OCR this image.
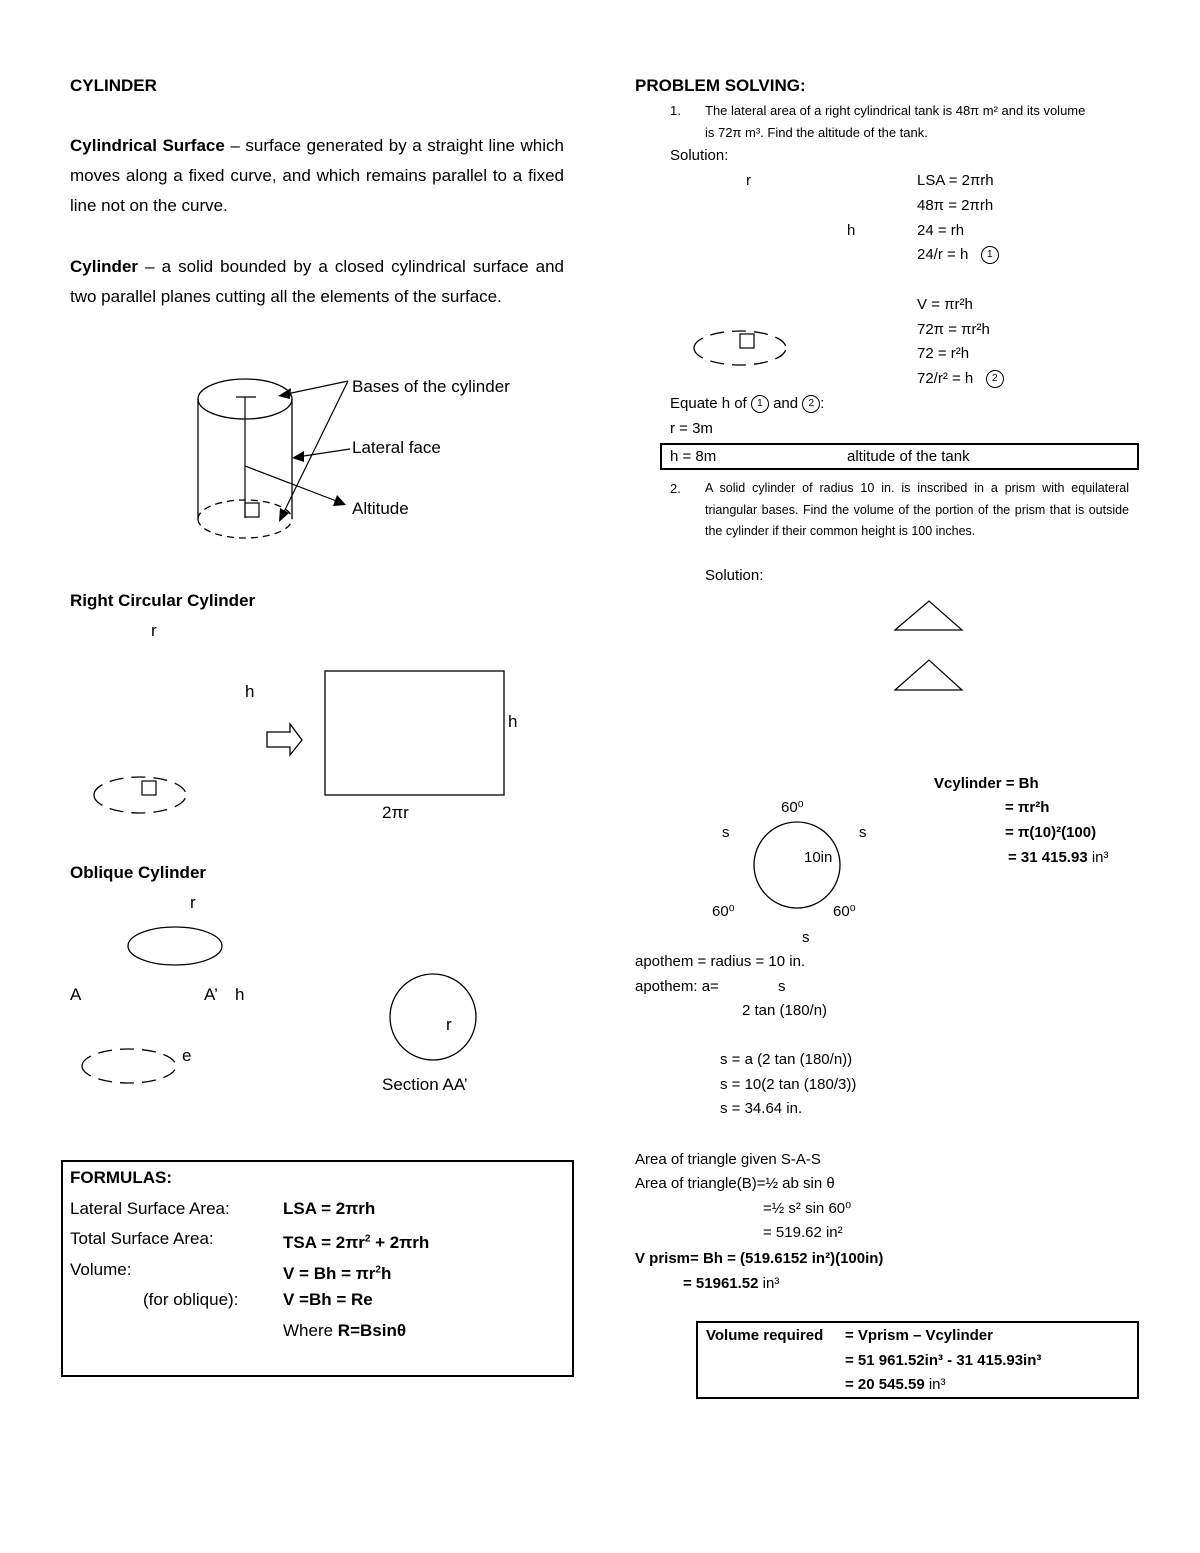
CYLINDER
Cylindrical Surface – surface generated by a straight line which moves along a fixed curve, and which remains parallel to a fixed line not on the curve.
Cylinder – a solid bounded by a closed cylindrical surface and two parallel planes cutting all the elements of the surface.
Bases of the cylinder
Lateral face
Altitude
Right Circular Cylinder
r
h
h
2πr
Oblique Cylinder
r
A	A’ h
e
r
Section AA’
FORMULAS:
Lateral Surface Area:	LSA = 2πrh
Total Surface Area:	TSA = $2\pi r^2 + 2\pi rh$
Volume:	$V = Bh = \pi r^2h$
(for oblique):	V =Bh = Re
Where R=Bsinθ
PROBLEM SOLVING:
1. The lateral area of a right cylindrical tank is 48π m² and its volume
is 72π m³. Find the altitude of the tank.
Solution:
r
h
LSA = 2πrh
48π = 2πrh
24 = rh
24/r = h 1
V = πr²h
72π = πr²h
72 = r²h
72/r² = h 2
Equate h of 1 and 2 :
r = 3m
h = 8m	altitude of the tank
2. A solid cylinder of radius 10 in. is inscribed in a prism with equilateral triangular bases. Find the volume of the portion of the prism that is outside the cylinder if their common height is 100 inches.
Solution:
60⁰
s	s
10in
60⁰	60⁰
s
Vcylinder = Bh
= πr²h
= π(10)²(100)
= 31 415.93 in³
apothem = radius = 10 in.
apothem: a=	s
2 tan (180/n)
s = a (2 tan (180/n))
s = 10(2 tan (180/3))
s = 34.64 in.
Area of triangle given S-A-S
Area of triangle(B)=½ ab sin θ
=½ s² sin 60⁰
= 519.62 in²
V prism= Bh = (519.6152 in²)(100in)
= 51961.52 in³
Volume required = Vprism – Vcylinder
= 51 961.52in³ - 31 415.93in³
= 20 545.59 in³
